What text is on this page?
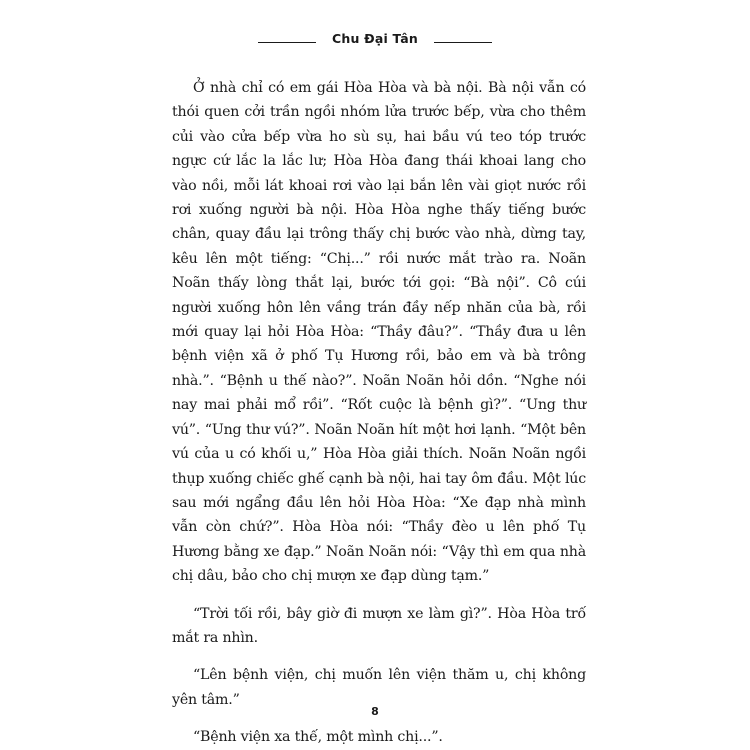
Chu Đại Tân

Ở nhà chỉ có em gái Hòa Hòa và bà nội. Bà nội vẫn có thói quen cởi trần ngồi nhóm lửa trước bếp, vừa cho thêm củi vào cửa bếp vừa ho sù sụ, hai bầu vú teo tóp trước ngực cứ lắc la lắc lư; Hòa Hòa đang thái khoai lang cho vào nồi, mỗi lát khoai rơi vào lại bắn lên vài giọt nước rồi rơi xuống người bà nội. Hòa Hòa nghe thấy tiếng bước chân, quay đầu lại trông thấy chị bước vào nhà, dừng tay, kêu lên một tiếng: “Chị...” rồi nước mắt trào ra. Noãn Noãn thấy lòng thắt lại, bước tới gọi: “Bà nội”. Cô cúi người xuống hôn lên vầng trán đầy nếp nhăn của bà, rồi mới quay lại hỏi Hòa Hòa: “Thầy đâu?”. “Thầy đưa u lên bệnh viện xã ở phố Tụ Hương rồi, bảo em và bà trông nhà.”. “Bệnh u thế nào?”. Noãn Noãn hỏi dồn. “Nghe nói nay mai phải mổ rồi”. “Rốt cuộc là bệnh gì?”. “Ung thư vú”. “Ung thư vú?”. Noãn Noãn hít một hơi lạnh. “Một bên vú của u có khối u,” Hòa Hòa giải thích. Noãn Noãn ngồi thụp xuống chiếc ghế cạnh bà nội, hai tay ôm đầu. Một lúc sau mới ngẩng đầu lên hỏi Hòa Hòa: “Xe đạp nhà mình vẫn còn chứ?”. Hòa Hòa nói: “Thầy đèo u lên phố Tụ Hương bằng xe đạp.” Noãn Noãn nói: “Vậy thì em qua nhà chị dâu, bảo cho chị mượn xe đạp dùng tạm.”

“Trời tối rồi, bây giờ đi mượn xe làm gì?”. Hòa Hòa trố mắt ra nhìn.

“Lên bệnh viện, chị muốn lên viện thăm u, chị không yên tâm.”

“Bệnh viện xa thế, một mình chị...”.

8
